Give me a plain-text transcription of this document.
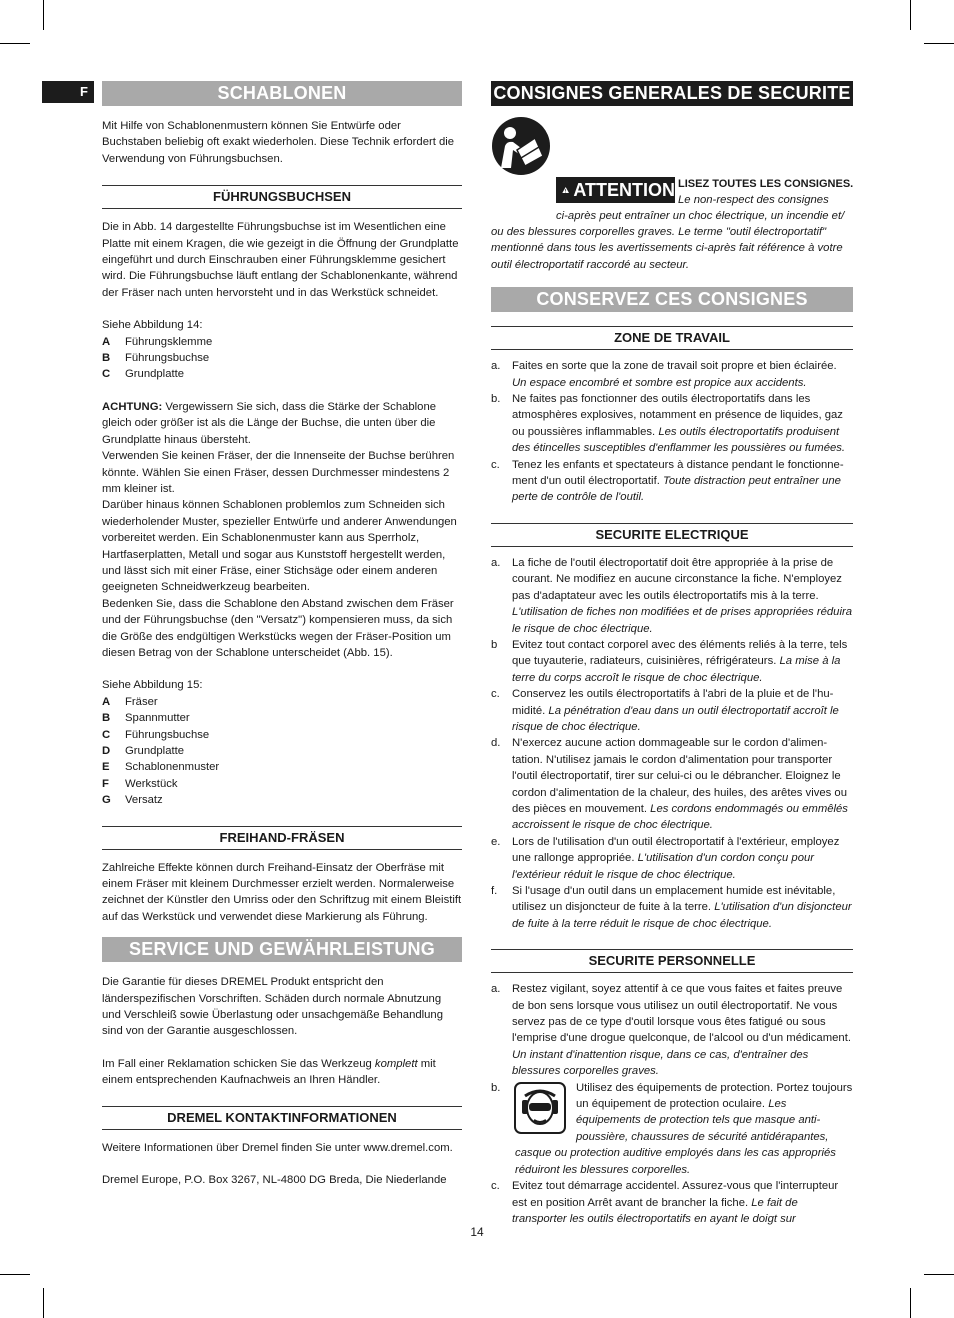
F	SCHABLONEN

Mit Hilfe von Schablonenmustern können Sie Entwürfe oder Buchstaben beliebig oft exakt wiederholen. Diese Technik erfordert die Verwendung von Führungsbuchsen.

FÜHRUNGSBUCHSEN

Die in Abb. 14 dargestellte Führungsbuchse ist im Wesentlichen eine Platte mit einem Kragen, die wie gezeigt in die Öffnung der Grundplatte eingeführt und durch Einschrauben einer Führungsklemme gesichert wird. Die Führungsbuchse läuft entlang der Schablonenkante, während der Fräser nach unten hervorsteht und in das Werkstück schneidet.

Siehe Abbildung 14:

A	Führungsklemme
B	Führungsbuchse
C	Grundplatte

ACHTUNG: Vergewissern Sie sich, dass die Stärke der Schablone gleich oder größer ist als die Länge der Buchse, die unten über die Grundplatte hinaus übersteht.

Verwenden Sie keinen Fräser, der die Innenseite der Buchse berühren könnte. Wählen Sie einen Fräser, dessen Durchmesser mindestens 2 mm kleiner ist.

Darüber hinaus können Schablonen problemlos zum Schneiden sich wiederholender Muster, spezieller Entwürfe und anderer Anwendungen vorbereitet werden. Ein Schablonenmuster kann aus Sperrholz, Hartfaserplatten, Metall und sogar aus Kunststoff hergestellt werden, und lässt sich mit einer Fräse, einer Stichsäge oder einem anderen geeigneten Schneidwerkzeug bearbeiten.

Bedenken Sie, dass die Schablone den Abstand zwischen dem Fräser und der Führungsbuchse (den "Versatz") kompensieren muss, da sich die Größe des endgültigen Werkstücks wegen der Fräser-Position um diesen Betrag von der Schablone unterscheidet (Abb. 15).

Siehe Abbildung 15:

A	Fräser
B	Spannmutter
C	Führungsbuchse
D	Grundplatte
E	Schablonenmuster
F	Werkstück
G	Versatz
FREIHAND-FRÄSEN

Zahlreiche Effekte können durch Freihand-Einsatz der Oberfräse mit einem Fräser mit kleinem Durchmesser erzielt werden. Normalerweise zeichnet der Künstler den Umriss oder den Schriftzug mit einem Bleistift auf das Werkstück und verwendet diese Markierung als Führung.

SERVICE UND GEWÄHRLEISTUNG

Die Garantie für dieses DREMEL Produkt entspricht den länderspezifischen Vorschriften. Schäden durch normale Abnutzung und Verschleiß sowie Überlastung oder unsachgemäße Behandlung sind von der Garantie ausgeschlossen.

Im Fall einer Reklamation schicken Sie das Werkzeug komplett mit einem entsprechenden Kaufnachweis an Ihren Händler.

DREMEL KONTAKTINFORMATIONEN

Weitere Informationen über Dremel finden Sie unter www.dremel.com.

Dremel Europe, P.O. Box 3267, NL-4800 DG Breda, Die Niederlande

CONSIGNES GENERALES DE SECURITE
ATTENTION LISEZ TOUTES LES CONSIGNES.

Le non-respect des consignes

ci-après peut entraîner un choc électrique, un incendie et/

ou des blessures corporelles graves. Le terme "outil électroportatif" mentionné dans tous les avertissements ci-après fait référence à votre outil électroportatif raccordé au secteur.

CONSERVEZ CES CONSIGNES
ZONE DE TRAVAIL
a.	Faites en sorte que la zone de travail soit propre et bien éclairée. Un espace encombré et sombre est propice aux accidents.
b.	Ne faites pas fonctionner des outils électroportatifs dans les atmosphères explosives, notamment en présence de liquides, gaz ou poussières inflammables. Les outils électroportatifs produisent des étincelles susceptibles d'enflammer les poussières ou fumées.
c.	Tenez les enfants et spectateurs à distance pendant le fonctionnement d'un outil électroportatif. Toute distraction peut entraîner une perte de contrôle de l'outil.
SECURITE ELECTRIQUE
a.	La fiche de l'outil électroportatif doit être appropriée à la prise de courant. Ne modifiez en aucune circonstance la fiche. N'employez pas d'adaptateur avec les outils électroportatifs mis à la terre. L'utilisation de fiches non modifiées et de prises appropriées réduira le risque de choc électrique.
b	Evitez tout contact corporel avec des éléments reliés à la terre, tels que tuyauterie, radiateurs, cuisinières, réfrigérateurs. La mise à la terre du corps accroît le risque de choc électrique.
c.	Conservez les outils électroportatifs à l'abri de la pluie et de l'humidité. La pénétration d'eau dans un outil électroportatif accroît le risque de choc électrique.
d.	N'exercez aucune action dommageable sur le cordon d'alimentation. N'utilisez jamais le cordon d'alimentation pour transporter l'outil électroportatif, tirer sur celui-ci ou le débrancher. Eloignez le cordon d'alimentation de la chaleur, des huiles, des arêtes vives ou des pièces en mouvement. Les cordons endommagés ou emmêlés accroissent le risque de choc électrique.
e.	Lors de l'utilisation d'un outil électroportatif à l'extérieur, employez une rallonge appropriée. L'utilisation d'un cordon conçu pour l'extérieur réduit le risque de choc électrique.
f.	Si l'usage d'un outil dans un emplacement humide est inévitable, utilisez un disjoncteur de fuite à la terre. L'utilisation d'un disjoncteur de fuite à la terre réduit le risque de choc électrique.
SECURITE PERSONNELLE
a.	Restez vigilant, soyez attentif à ce que vous faites et faites preuve de bon sens lorsque vous utilisez un outil électroportatif. Ne vous servez pas de ce type d'outil lorsque vous êtes fatigué ou sous l'emprise d'une drogue quelconque, de l'alcool ou d'un médicament. Un instant d'inattention risque, dans ce cas, d'entraîner des blessures corporelles graves.
b.	Utilisez des équipements de protection. Portez toujours un équipement de protection oculaire. Les équipements de protection tels que masque anti-poussière, chaussures de sécurité antidérapantes,

casque ou protection auditive employés dans les cas appropriés réduiront les blessures corporelles.

c.	Evitez tout démarrage accidentel. Assurez-vous que l'interrupteur est en position Arrêt avant de brancher la fiche. Le fait de transporter les outils électroportatifs en ayant le doigt sur
14
